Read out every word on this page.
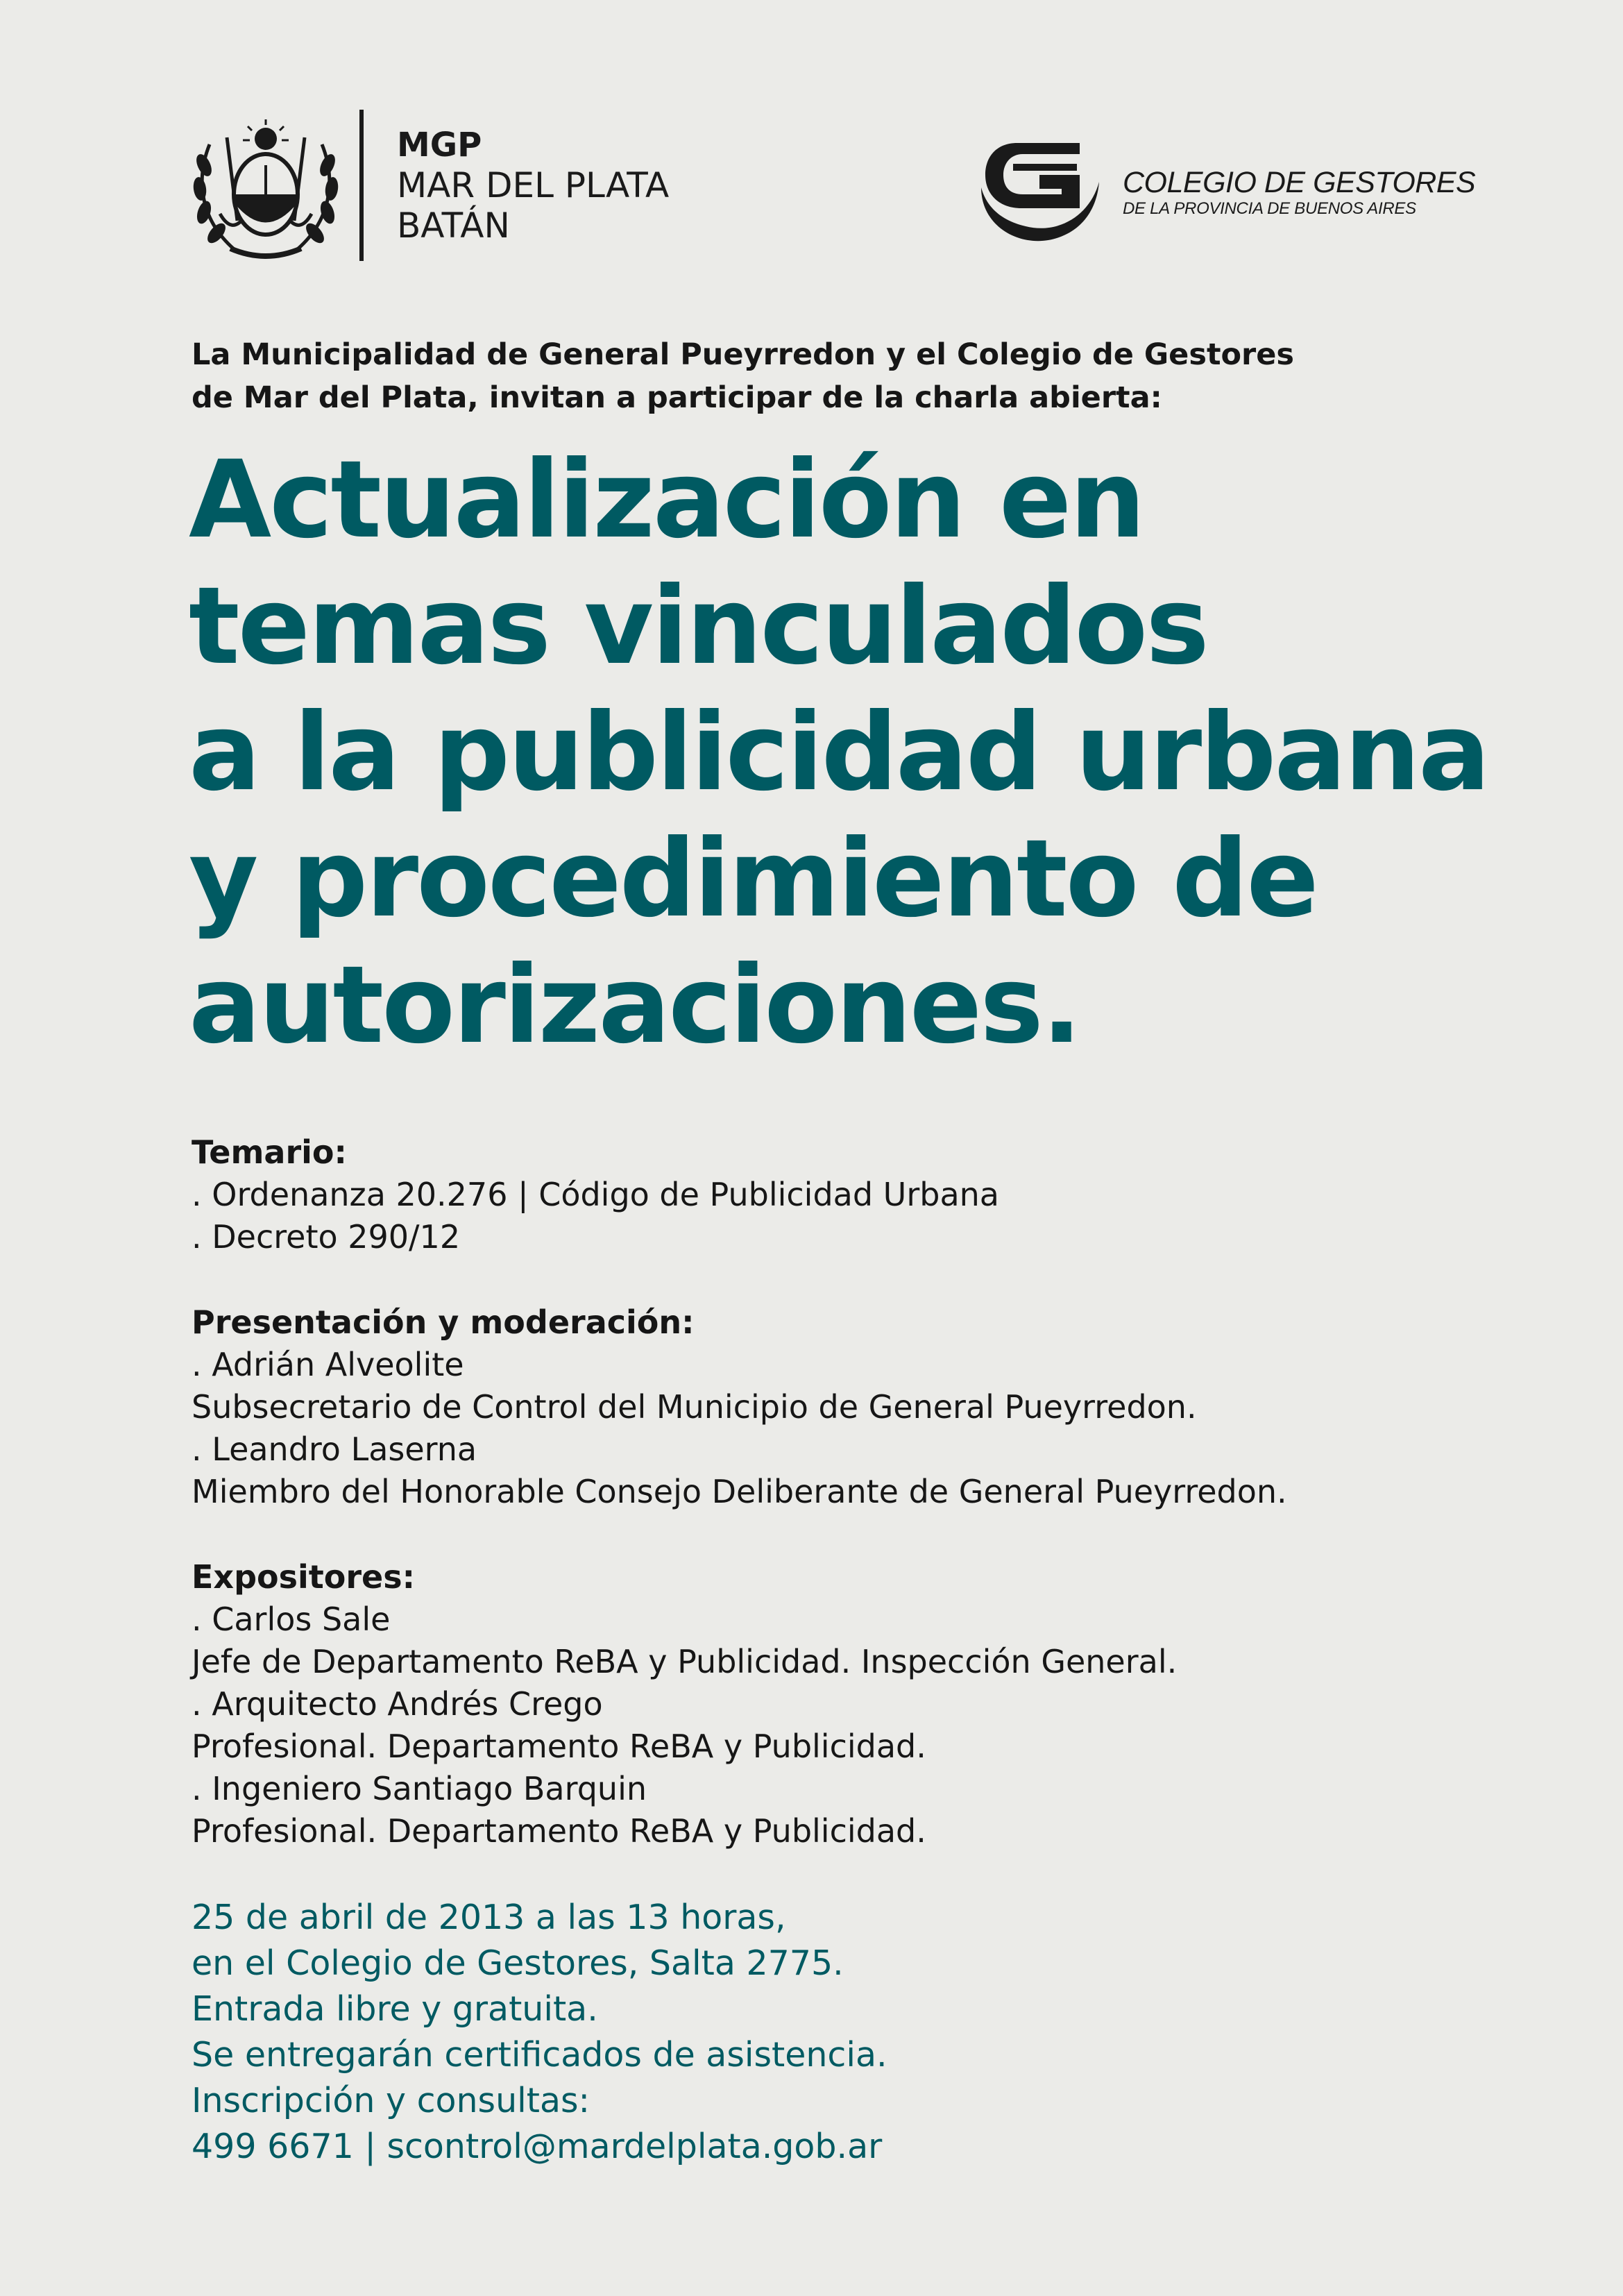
MGP
MAR DEL PLATA
BATÁN
COLEGIO DE GESTORES
DE LA PROVINCIA DE BUENOS AIRES
La Municipalidad de General Pueyrredon y el Colegio de Gestores
de Mar del Plata, invitan a participar de la charla abierta:
Actualización en
temas vinculados
a la publicidad urbana
y procedimiento de
autorizaciones.
Temario:
. Ordenanza 20.276 | Código de Publicidad Urbana
. Decreto 290/12
Presentación y moderación:
. Adrián Alveolite
Subsecretario de Control del Municipio de General Pueyrredon.
. Leandro Laserna
Miembro del Honorable Consejo Deliberante de General Pueyrredon.
Expositores:
. Carlos Sale
Jefe de Departamento ReBA y Publicidad. Inspección General.
. Arquitecto Andrés Crego
Profesional. Departamento ReBA y Publicidad.
. Ingeniero Santiago Barquin
Profesional. Departamento ReBA y Publicidad.
25 de abril de 2013 a las 13 horas,
en el Colegio de Gestores, Salta 2775.
Entrada libre y gratuita.
Se entregarán certificados de asistencia.
Inscripción y consultas:
499 6671 | scontrol@mardelplata.gob.ar
